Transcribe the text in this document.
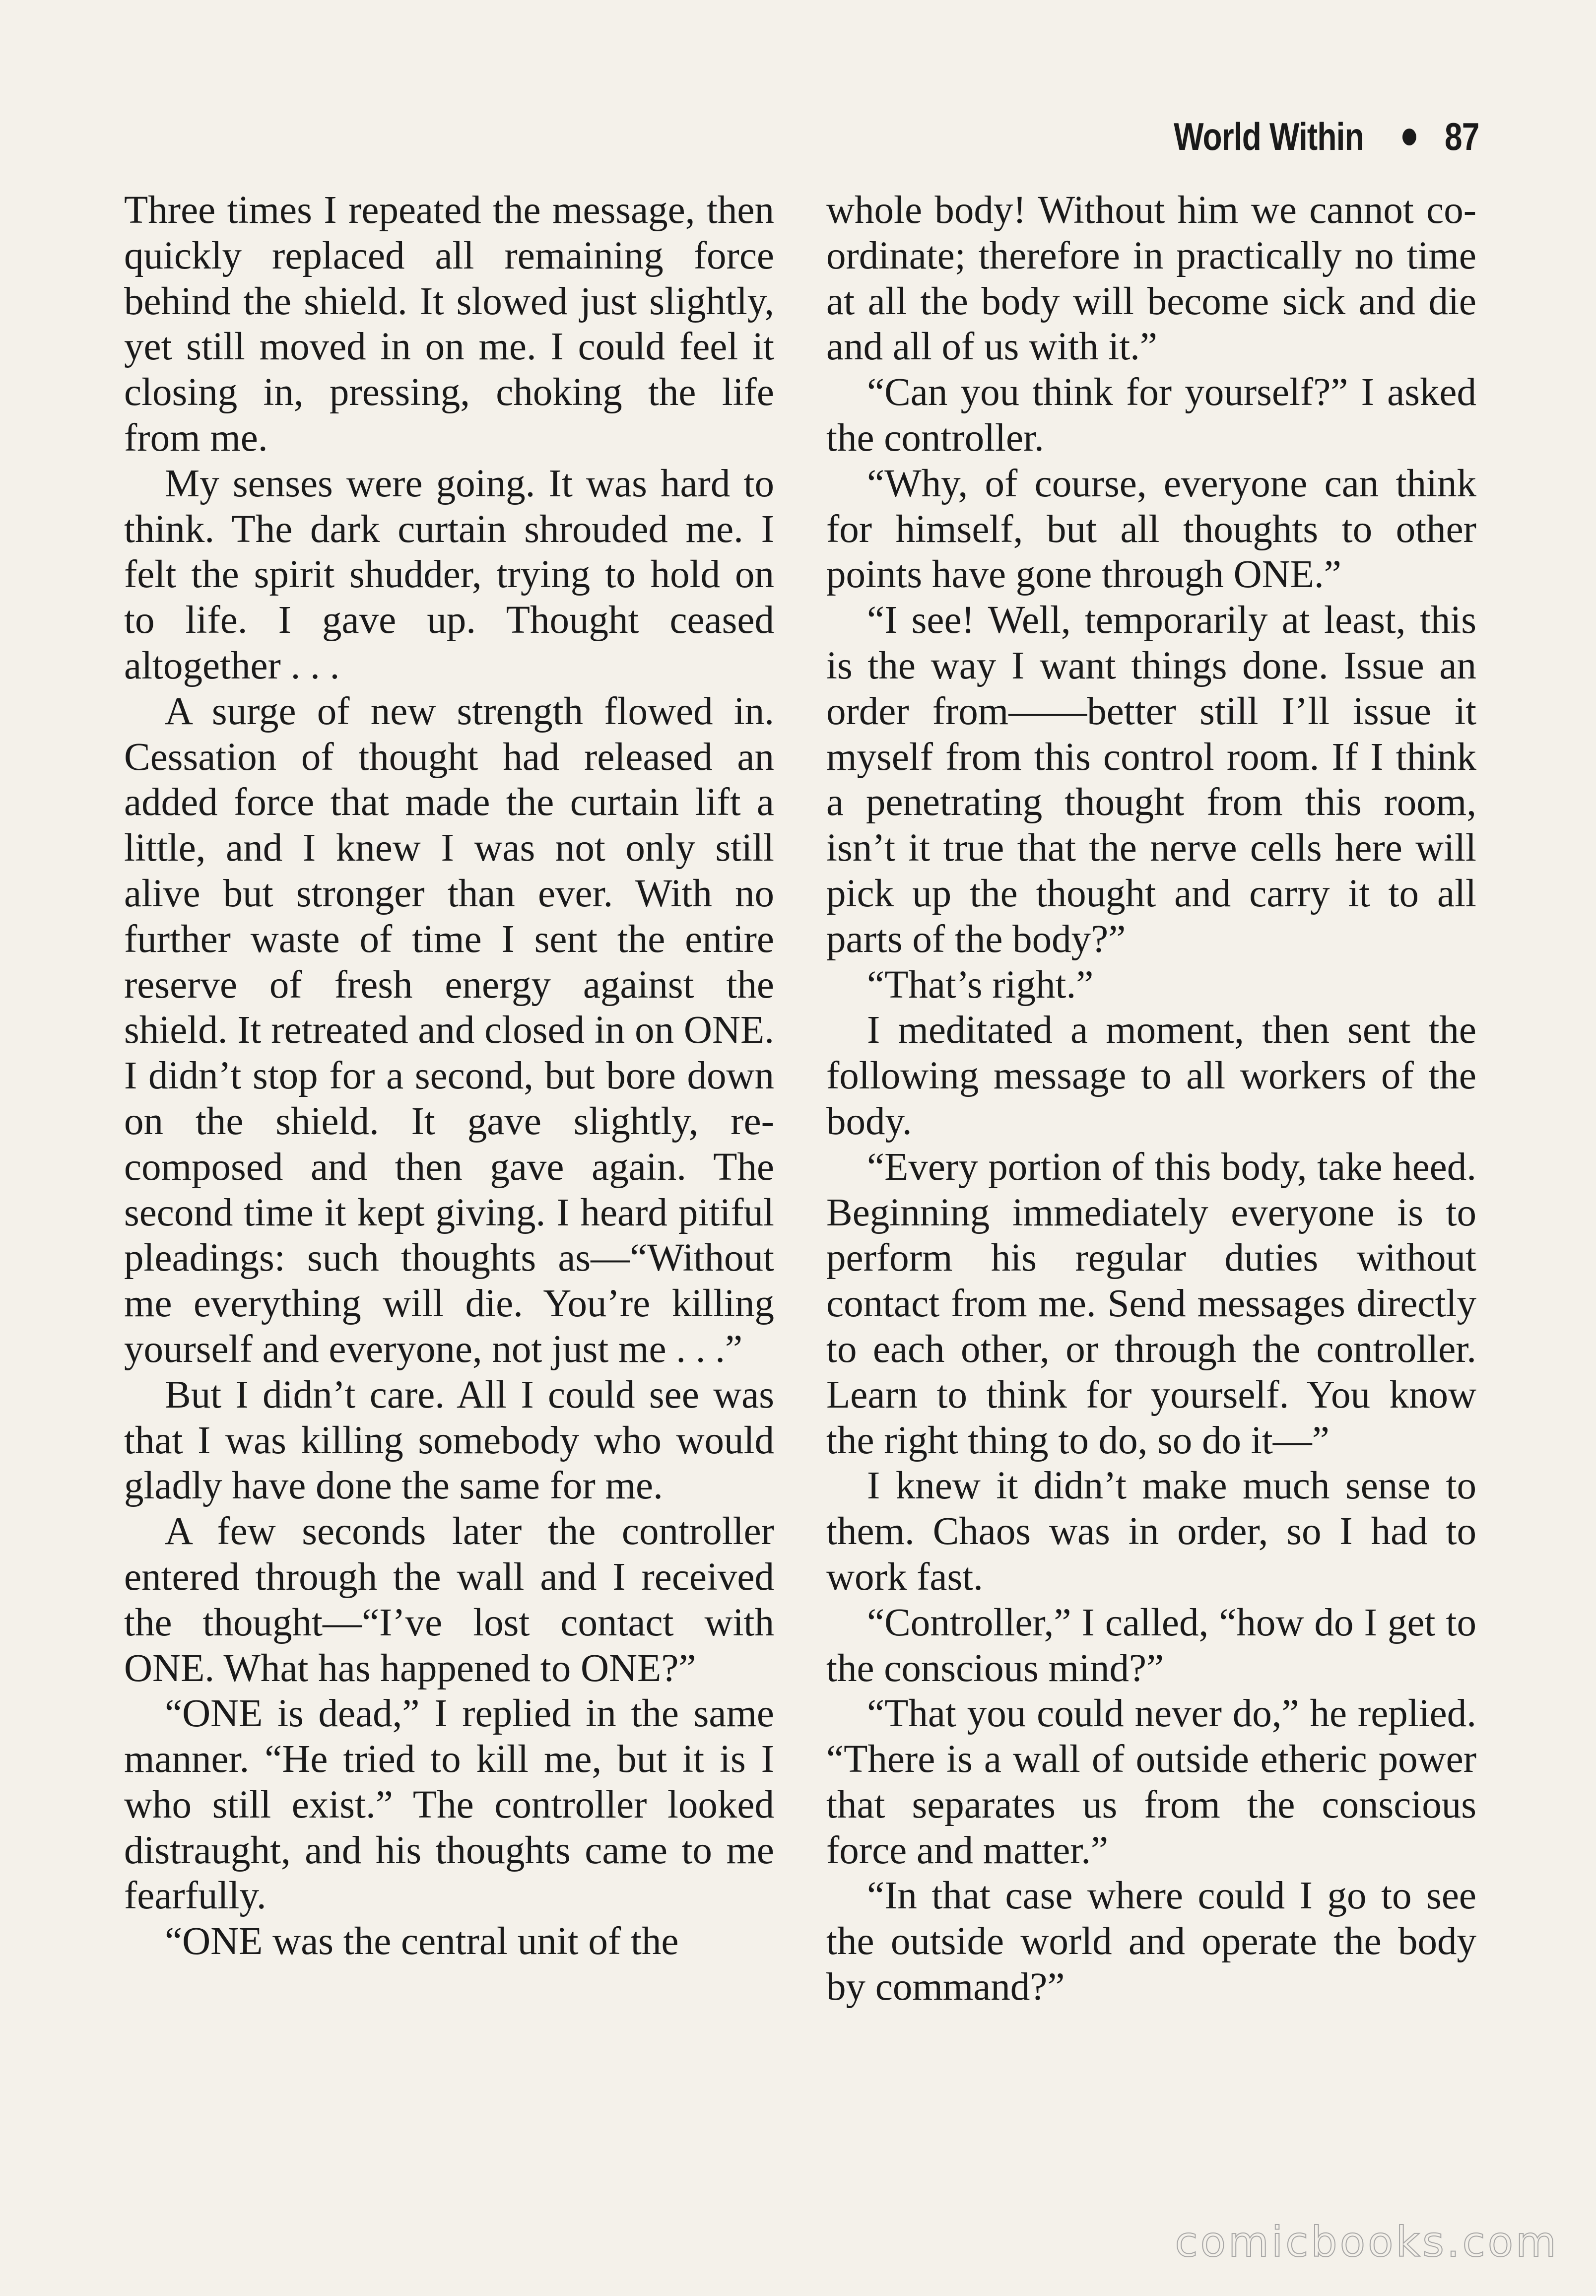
World Within 87

Three times I repeated the message, then quickly replaced all remaining force behind the shield. It slowed just slightly, yet still moved in on me. I could feel it closing in, pressing, choking the life from me.

My senses were going. It was hard to think. The dark curtain shrouded me. I felt the spirit shudder, trying to hold on to life. I gave up. Thought ceased altogether . . .

A surge of new strength flowed in. Cessation of thought had released an added force that made the curtain lift a little, and I knew I was not only still alive but stronger than ever. With no further waste of time I sent the entire reserve of fresh energy against the shield. It retreated and closed in on ONE. I didn’t stop for a second, but bore down on the shield. It gave slightly, re-composed and then gave again. The second time it kept giving. I heard pitiful pleadings: such thoughts as—“Without me everything will die. You’re killing yourself and everyone, not just me . . .”

But I didn’t care. All I could see was that I was killing somebody who would gladly have done the same for me.

A few seconds later the controller entered through the wall and I received the thought—“I’ve lost contact with ONE. What has happened to ONE?”

“ONE is dead,” I replied in the same manner. “He tried to kill me, but it is I who still exist.” The controller looked distraught, and his thoughts came to me fearfully.

“ONE was the central unit of the

whole body! Without him we cannot co-ordinate; therefore in practically no time at all the body will become sick and die and all of us with it.”

“Can you think for yourself?” I asked the controller.

“Why, of course, everyone can think for himself, but all thoughts to other points have gone through ONE.”

“I see! Well, temporarily at least, this is the way I want things done. Issue an order from——better still I’ll issue it myself from this control room. If I think a penetrating thought from this room, isn’t it true that the nerve cells here will pick up the thought and carry it to all parts of the body?”

“That’s right.”

I meditated a moment, then sent the following message to all workers of the body.

“Every portion of this body, take heed. Beginning immediately everyone is to perform his regular duties without contact from me. Send messages directly to each other, or through the controller. Learn to think for yourself. You know the right thing to do, so do it—”

I knew it didn’t make much sense to them. Chaos was in order, so I had to work fast.

“Controller,” I called, “how do I get to the conscious mind?”

“That you could never do,” he replied. “There is a wall of outside etheric power that separates us from the conscious force and matter.”

“In that case where could I go to see the outside world and operate the body by command?”

comicbooks.com
